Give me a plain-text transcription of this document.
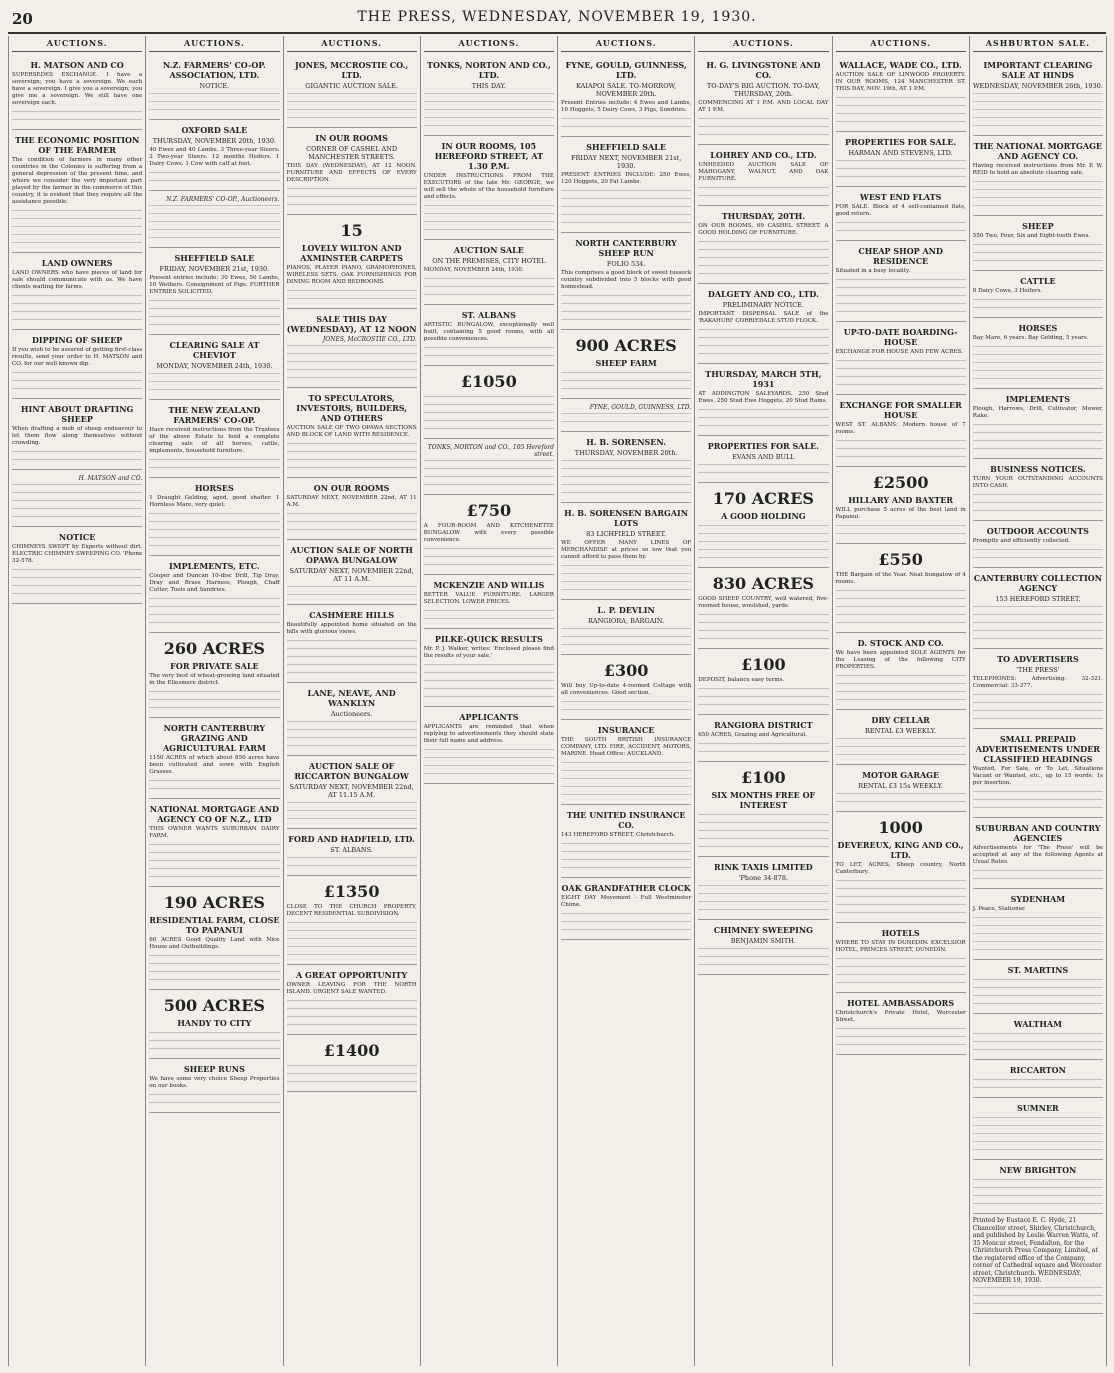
20	THE PRESS, WEDNESDAY, NOVEMBER 19, 1930.
AUCTIONS.
H. MATSON AND CO
SUPERSEDES EXCHANGE. I have a sovereign; you have a sovereign. We each have a sovereign. I give you a sovereign; you give me a sovereign. We still have one sovereign each.
THE ECONOMIC POSITION OF THE FARMER
The condition of farmers in many other countries in the Colonies is suffering from a general depression of the present time, and where we consider the very important part played by the farmer in the commerce of this country, it is evident that they require all the assistance possible.
LAND OWNERS
LAND OWNERS who have pieces of land for sale should communicate with us. We have clients waiting for farms.
DIPPING OF SHEEP
If you wish to be assured of getting first-class results, send your order to H. MATSON and CO. for our well known dip.
HINT ABOUT DRAFTING SHEEP
When drafting a mob of sheep endeavour to let them flow along themselves without crowding.
H. MATSON and CO.
NOTICE
CHIMNEYS SWEPT by Experts without dirt. ELECTRIC CHIMNEY SWEEPING CO. 'Phone 32-578.
AUCTIONS.
N.Z. FARMERS' CO-OP. ASSOCIATION, LTD.
NOTICE.
OXFORD SALE
THURSDAY, NOVEMBER 20th, 1930.
40 Ewes and 40 Lambs. 3 Three-year Steers. 2 Two-year Steers. 12 months Heifers. 1 Dairy Cows. 1 Cow with calf at foot.
N.Z. FARMERS' CO-OP., Auctioneers.
SHEFFIELD SALE
FRIDAY, NOVEMBER 21st, 1930.
Present entries include: 30 Ewes, 50 Lambs, 10 Wethers. Consignment of Pigs. FURTHER ENTRIES SOLICITED.
CLEARING SALE AT CHEVIOT
MONDAY, NOVEMBER 24th, 1930.
THE NEW ZEALAND FARMERS' CO-OP.
Have received instructions from the Trustees of the above Estate to hold a complete clearing sale of all horses, cattle, implements, household furniture.
HORSES
1 Draught Gelding, aged, good shafter. 1 Hornless Mare, very quiet.
IMPLEMENTS, ETC.
Cooper and Duncan 10-disc Drill, Tip Dray, Dray and Brass Harness, Plough, Chaff Cutter, Tools and Sundries.
260 ACRES
FOR PRIVATE SALE
The very best of wheat-growing land situated in the Ellesmere district.
NORTH CANTERBURY GRAZING AND AGRICULTURAL FARM
1150 ACRES of which about 850 acres have been cultivated and sown with English Grasses.
NATIONAL MORTGAGE AND AGENCY CO OF N.Z., LTD
THIS OWNER WANTS SUBURBAN DAIRY FARM.
190 ACRES
RESIDENTIAL FARM, CLOSE TO PAPANUI
60 ACRES Good Quality Land with Nice House and Outbuildings.
500 ACRES
HANDY TO CITY
SHEEP RUNS
We have some very choice Sheep Properties on our books.
AUCTIONS.
JONES, MCCROSTIE CO., LTD.
GIGANTIC AUCTION SALE.
IN OUR ROOMS
CORNER OF CASHEL AND MANCHESTER STREETS.
THIS DAY (WEDNESDAY), AT 12 NOON. FURNITURE AND EFFECTS OF EVERY DESCRIPTION.
15
LOVELY WILTON AND AXMINSTER CARPETS
PIANOS, PLAYER PIANO, GRAMOPHONES, WIRELESS SETS. OAK FURNISHINGS FOR DINING ROOM AND BEDROOMS.
SALE THIS DAY (WEDNESDAY), AT 12 NOON
JONES, McCROSTIE CO., LTD.
TO SPECULATORS, INVESTORS, BUILDERS, AND OTHERS
AUCTION SALE OF TWO OPAWA SECTIONS AND BLOCK OF LAND WITH RESIDENCE.
ON OUR ROOMS
SATURDAY NEXT, NOVEMBER 22nd, AT 11 A.M.
AUCTION SALE OF NORTH OPAWA BUNGALOW
SATURDAY NEXT, NOVEMBER 22nd, AT 11 A.M.
CASHMERE HILLS
Beautifully appointed home situated on the hills with glorious views.
LANE, NEAVE, AND WANKLYN
Auctioneers.
AUCTION SALE OF RICCARTON BUNGALOW
SATURDAY NEXT, NOVEMBER 22nd, AT 11.15 A.M.
FORD AND HADFIELD, LTD.
ST. ALBANS.
£1350
CLOSE TO THE CHURCH PROPERTY, DECENT RESIDENTIAL SUBDIVISION.
A GREAT OPPORTUNITY
OWNER LEAVING FOR THE NORTH ISLAND. URGENT SALE WANTED.
£1400
AUCTIONS.
TONKS, NORTON AND CO., LTD.
THIS DAY.
IN OUR ROOMS, 105 HEREFORD STREET, AT 1.30 P.M.
UNDER INSTRUCTIONS FROM THE EXECUTORS of the late Mr. GEORGE, we will sell the whole of the household furniture and effects.
AUCTION SALE
ON THE PREMISES, CITY HOTEL
MONDAY, NOVEMBER 24th, 1930.
ST. ALBANS
ARTISTIC BUNGALOW, exceptionally well built, containing 5 good rooms, with all possible conveniences.
£1050
TONKS, NORTON and CO., 105 Hereford street.
£750
A FOUR-ROOM AND KITCHENETTE BUNGALOW with every possible convenience.
MCKENZIE AND WILLIS
BETTER VALUE FURNITURE. LARGER SELECTION. LOWER PRICES.
PILKE-QUICK RESULTS
Mr. P. J. Walker, writes: 'Enclosed please find the results of your sale.'
APPLICANTS
APPLICANTS are reminded that when replying to advertisements they should state their full name and address.
AUCTIONS.
FYNE, GOULD, GUINNESS, LTD.
KAIAPOI SALE. TO-MORROW, NOVEMBER 20th.
Present Entries include: 4 Ewes and Lambs, 10 Hoggets, 5 Dairy Cows, 3 Pigs, Sundries.
SHEFFIELD SALE
FRIDAY NEXT, NOVEMBER 21st, 1930.
PRESENT ENTRIES INCLUDE: 250 Ewes, 120 Hoggets, 20 Fat Lambs.
NORTH CANTERBURY SHEEP RUN
FOLIO 534.
This comprises a good block of sweet tussock country subdivided into 5 blocks with good homestead.
900 ACRES
SHEEP FARM
FYNE, GOULD, GUINNESS, LTD.
H. B. SORENSEN.
THURSDAY, NOVEMBER 20th.
H. B. SORENSEN BARGAIN LOTS
83 LICHFIELD STREET.
WE OFFER MANY LINES OF MERCHANDISE at prices so low that you cannot afford to pass them by.
L. P. DEVLIN
RANGIORA, BARGAIN.
£300
Will buy Up-to-date 4-roomed Cottage with all conveniences. Good section.
INSURANCE
THE SOUTH BRITISH INSURANCE COMPANY, LTD. FIRE, ACCIDENT, MOTORS, MARINE. Head Office: AUCKLAND.
THE UNITED INSURANCE CO.
143 HEREFORD STREET, Christchurch.
OAK GRANDFATHER CLOCK
EIGHT DAY Movement - Full Westminster Chime.
AUCTIONS.
H. G. LIVINGSTONE AND CO.
TO-DAY'S BIG AUCTION. TO-DAY, THURSDAY, 20th.
COMMENCING AT 1 P.M. AND LOCAL DAY AT 1 P.M.
LOHREY AND CO., LTD.
UNHEEDED AUCTION SALE OF MAHOGANY, WALNUT, AND OAK FURNITURE.
THURSDAY, 20TH.
ON OUR ROOMS, 69 CASHEL STREET. A GOOD HOLDING OF FURNITURE.
DALGETY AND CO., LTD.
PRELIMINARY NOTICE.
IMPORTANT DISPERSAL SALE of the 'RAKAHURI' CORRIEDALE STUD FLOCK.
THURSDAY, MARCH 5TH, 1931
AT ADDINGTON SALEYARDS. 250 Stud Ewes, 250 Stud Ewe Hoggets, 20 Stud Rams.
PROPERTIES FOR SALE.
EVANS AND BULL
170 ACRES
A GOOD HOLDING
830 ACRES
GOOD SHEEP COUNTRY, well watered, five-roomed house, woolshed, yards.
£100
DEPOSIT, balance easy terms.
RANGIORA DISTRICT
650 ACRES, Grazing and Agricultural.
£100
SIX MONTHS FREE OF INTEREST
RINK TAXIS LIMITED
'Phone 34-878.
CHIMNEY SWEEPING
BENJAMIN SMITH.
AUCTIONS.
WALLACE, WADE CO., LTD.
AUCTION SALE OF LINWOOD PROPERTY. IN OUR ROOMS, 124 MANCHESTER ST. THIS DAY, NOV. 19th, AT 1 P.M.
PROPERTIES FOR SALE.
HARMAN AND STEVENS, LTD.
WEST END FLATS
FOR SALE. Block of 4 self-contained flats, good return.
CHEAP SHOP AND RESIDENCE
Situated in a busy locality.
UP-TO-DATE BOARDING-HOUSE
EXCHANGE FOR HOUSE AND FEW ACRES.
EXCHANGE FOR SMALLER HOUSE
WEST ST. ALBANS: Modern house of 7 rooms.
£2500
HILLARY AND BAXTER
WILL purchase 5 acres of the best land in Papanui.
£550
THE Bargain of the Year. Neat bungalow of 4 rooms.
D. STOCK AND CO.
We have been appointed SOLE AGENTS for the Leasing of the following CITY PROPERTIES.
DRY CELLAR
RENTAL £3 WEEKLY.
MOTOR GARAGE
RENTAL £3 15s WEEKLY.
1000
DEVEREUX, KING AND CO., LTD.
TO LET, ACRES, Sheep country, North Canterbury.
HOTELS
WHERE TO STAY IN DUNEDIN. EXCELSIOR HOTEL, PRINCES STREET, DUNEDIN.
HOTEL AMBASSADORS
Christchurch's Private Hotel, Worcester Street.
ASHBURTON SALE.
IMPORTANT CLEARING SALE AT HINDS
WEDNESDAY, NOVEMBER 26th, 1930.
THE NATIONAL MORTGAGE AND AGENCY CO.
Having received instructions from Mr. P. W. REID to hold an absolute clearing sale.
SHEEP
550 Two, Four, Six and Eight-tooth Ewes.
CATTLE
8 Dairy Cows, 3 Heifers.
HORSES
Bay Mare, 6 years. Bay Gelding, 5 years.
IMPLEMENTS
Plough, Harrows, Drill, Cultivator, Mower, Rake.
BUSINESS NOTICES.
TURN YOUR OUTSTANDING ACCOUNTS INTO CASH.
OUTDOOR ACCOUNTS
Promptly and efficiently collected.
CANTERBURY COLLECTION AGENCY
153 HEREFORD STREET.
TO ADVERTISERS
'THE PRESS'
TELEPHONES: Advertising: 32-321. Commercial: 33-377.
SMALL PREPAID ADVERTISEMENTS UNDER CLASSIFIED HEADINGS
Wanted, For Sale, or To Let, Situations Vacant or Wanted, etc., up to 15 words: 1s per insertion.
SUBURBAN AND COUNTRY AGENCIES
Advertisements for 'The Press' will be accepted at any of the following Agents at Usual Rates.
SYDENHAM
J. Peace, Stationer.
ST. MARTINS
WALTHAM
RICCARTON
SUMNER
NEW BRIGHTON
Printed by Eustace E. C. Hyde, 21 Chancellor street, Shirley, Christchurch, and published by Leslie Warren Watts, of 35 Moncur street, Fendalton, for the Christchurch Press Company, Limited, at the registered office of the Company, corner of Cathedral square and Worcester street, Christchurch. WEDNESDAY, NOVEMBER 19, 1930.
